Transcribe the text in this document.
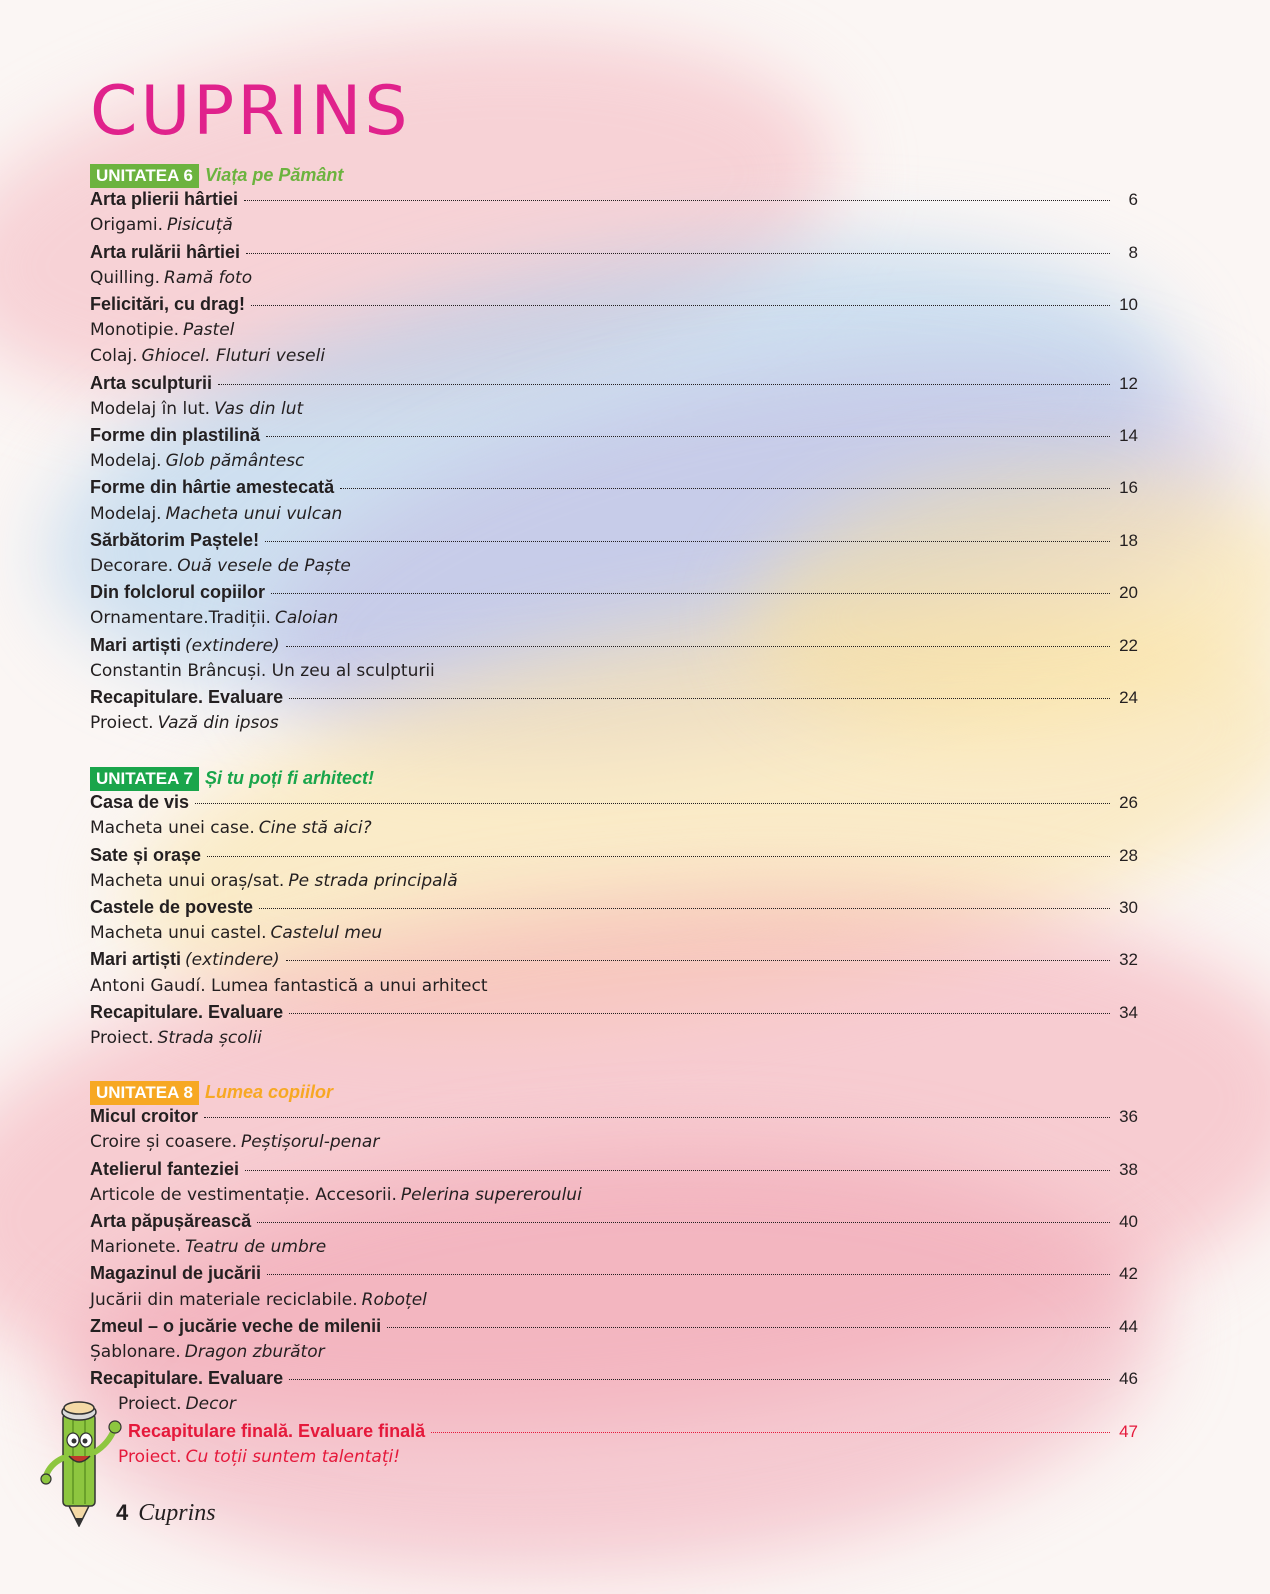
CUPRINS
UNITATEA 6 Viața pe Pământ
Arta plierii hârtiei	6
Origami. Pisicuță
Arta rulării hârtiei	8
Quilling. Ramă foto
Felicitări, cu drag!	10
Monotipie. Pastel
Colaj. Ghiocel. Fluturi veseli
Arta sculpturii	12
Modelaj în lut. Vas din lut
Forme din plastilină	14
Modelaj. Glob pământesc
Forme din hârtie amestecată	16
Modelaj. Macheta unui vulcan
Sărbătorim Paștele!	18
Decorare. Ouă vesele de Paște
Din folclorul copiilor	20
Ornamentare.Tradiții. Caloian
Mari artiști (extindere)	22
Constantin Brâncuși. Un zeu al sculpturii
Recapitulare. Evaluare	24
Proiect. Vază din ipsos
UNITATEA 7 Și tu poți fi arhitect!
Casa de vis	26
Macheta unei case. Cine stă aici?
Sate și orașe	28
Macheta unui oraș/sat. Pe strada principală
Castele de poveste	30
Macheta unui castel. Castelul meu
Mari artiști (extindere)	32
Antoni Gaudí. Lumea fantastică a unui arhitect
Recapitulare. Evaluare	34
Proiect. Strada școlii
UNITATEA 8 Lumea copiilor
Micul croitor	36
Croire și coasere. Peștișorul-penar
Atelierul fanteziei	38
Articole de vestimentație. Accesorii. Pelerina supereroului
Arta păpușărească	40
Marionete. Teatru de umbre
Magazinul de jucării	42
Jucării din materiale reciclabile. Roboțel
Zmeul – o jucărie veche de milenii	44
Șablonare. Dragon zburător
Recapitulare. Evaluare	46
Proiect. Decor
Recapitulare finală. Evaluare finală	47
Proiect. Cu toții suntem talentați!
4 Cuprins
